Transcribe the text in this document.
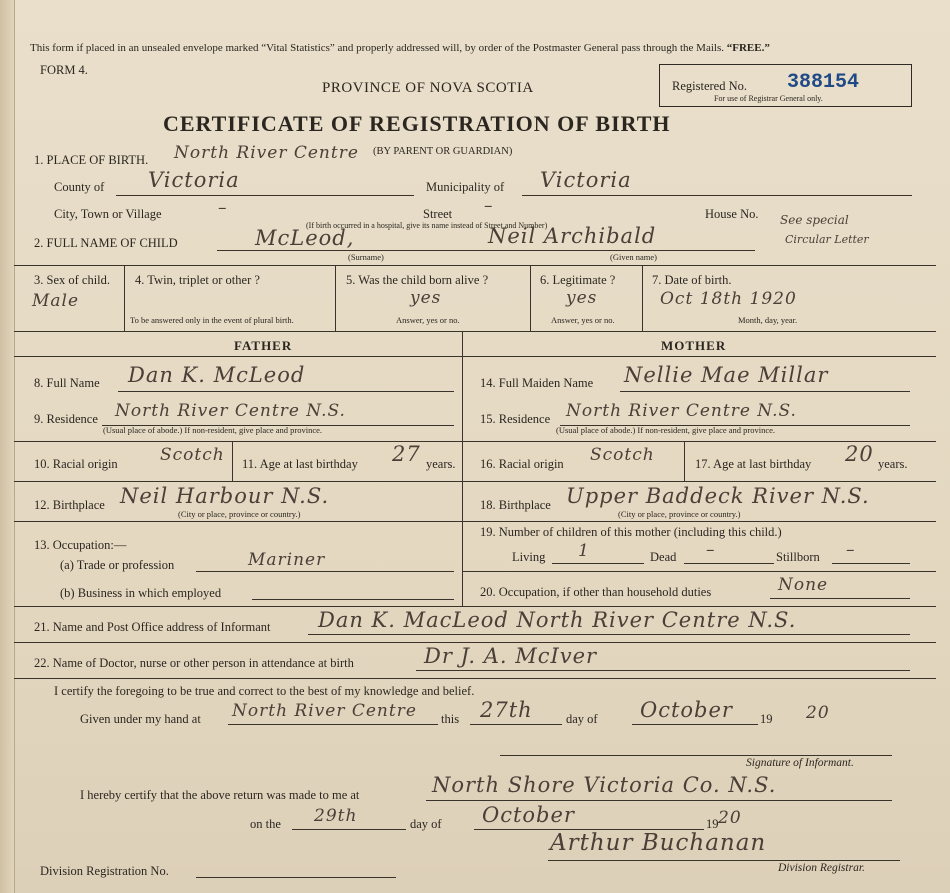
This form if placed in an unsealed envelope marked “Vital Statistics” and properly addressed will, by order of the Postmaster General pass through the Mails. “FREE.”
FORM 4.
PROVINCE OF NOVA SCOTIA
CERTIFICATE OF REGISTRATION OF BIRTH
Registered No. 388154
For use of Registrar General only.
1. PLACE OF BIRTH. North River Centre (BY PARENT OR GUARDIAN)
County of Victoria	Municipality of Victoria
City, Town or Village	–	Street –	House No.
(If birth occurred in a hospital, give its name instead of Street and Number)
2. FULL NAME OF CHILD	McLeod,	Neil Archibald
(Surname)	(Given name)
See special
Circular Letter
3. Sex of child.
Male
4. Twin, triplet or other ?
To be answered only in the event of plural birth.
5. Was the child born alive ?
yes
Answer, yes or no.
6. Legitimate ?
yes
Answer, yes or no.
7. Date of birth.
Oct 18th 1920
Month, day, year.
FATHER	MOTHER
8. Full Name Dan K. McLeod
9. Residence North River Centre N.S.
(Usual place of abode.) If non-resident, give place and province.
10. Racial origin Scotch 11. Age at last birthday 27 years. 16. Racial origin Scotch	17. Age at last birthday 20 years.
12. Birthplace Neil Harbour N.S.
(City or place, province or country.)
13. Occupation:—
(a) Trade or profession	Mariner
(b) Business in which employed
14. Full Maiden Name Nellie Mae Millar
15. Residence North River Centre N.S.
(Usual place of abode.) If non-resident, give place and province.
18. Birthplace Upper Baddeck River N.S.
(City or place, province or country.)
19. Number of children of this mother (including this child.)
Living 1	Dead –	Stillborn –
20. Occupation, if other than household duties	None
21. Name and Post Office address of Informant Dan K. MacLeod North River Centre N.S.
22. Name of Doctor, nurse or other person in attendance at birth	Dr J. A. McIver
I certify the foregoing to be true and correct to the best of my knowledge and belief.
Given under my hand at North River Centre this 27th	day of October 19 20
Signature of Informant.
I hereby certify that the above return was made to me at	North Shore Victoria Co. N.S.
on the 29th	day of October	19 20
Arthur Buchanan
Division Registrar.
Division Registration No.
